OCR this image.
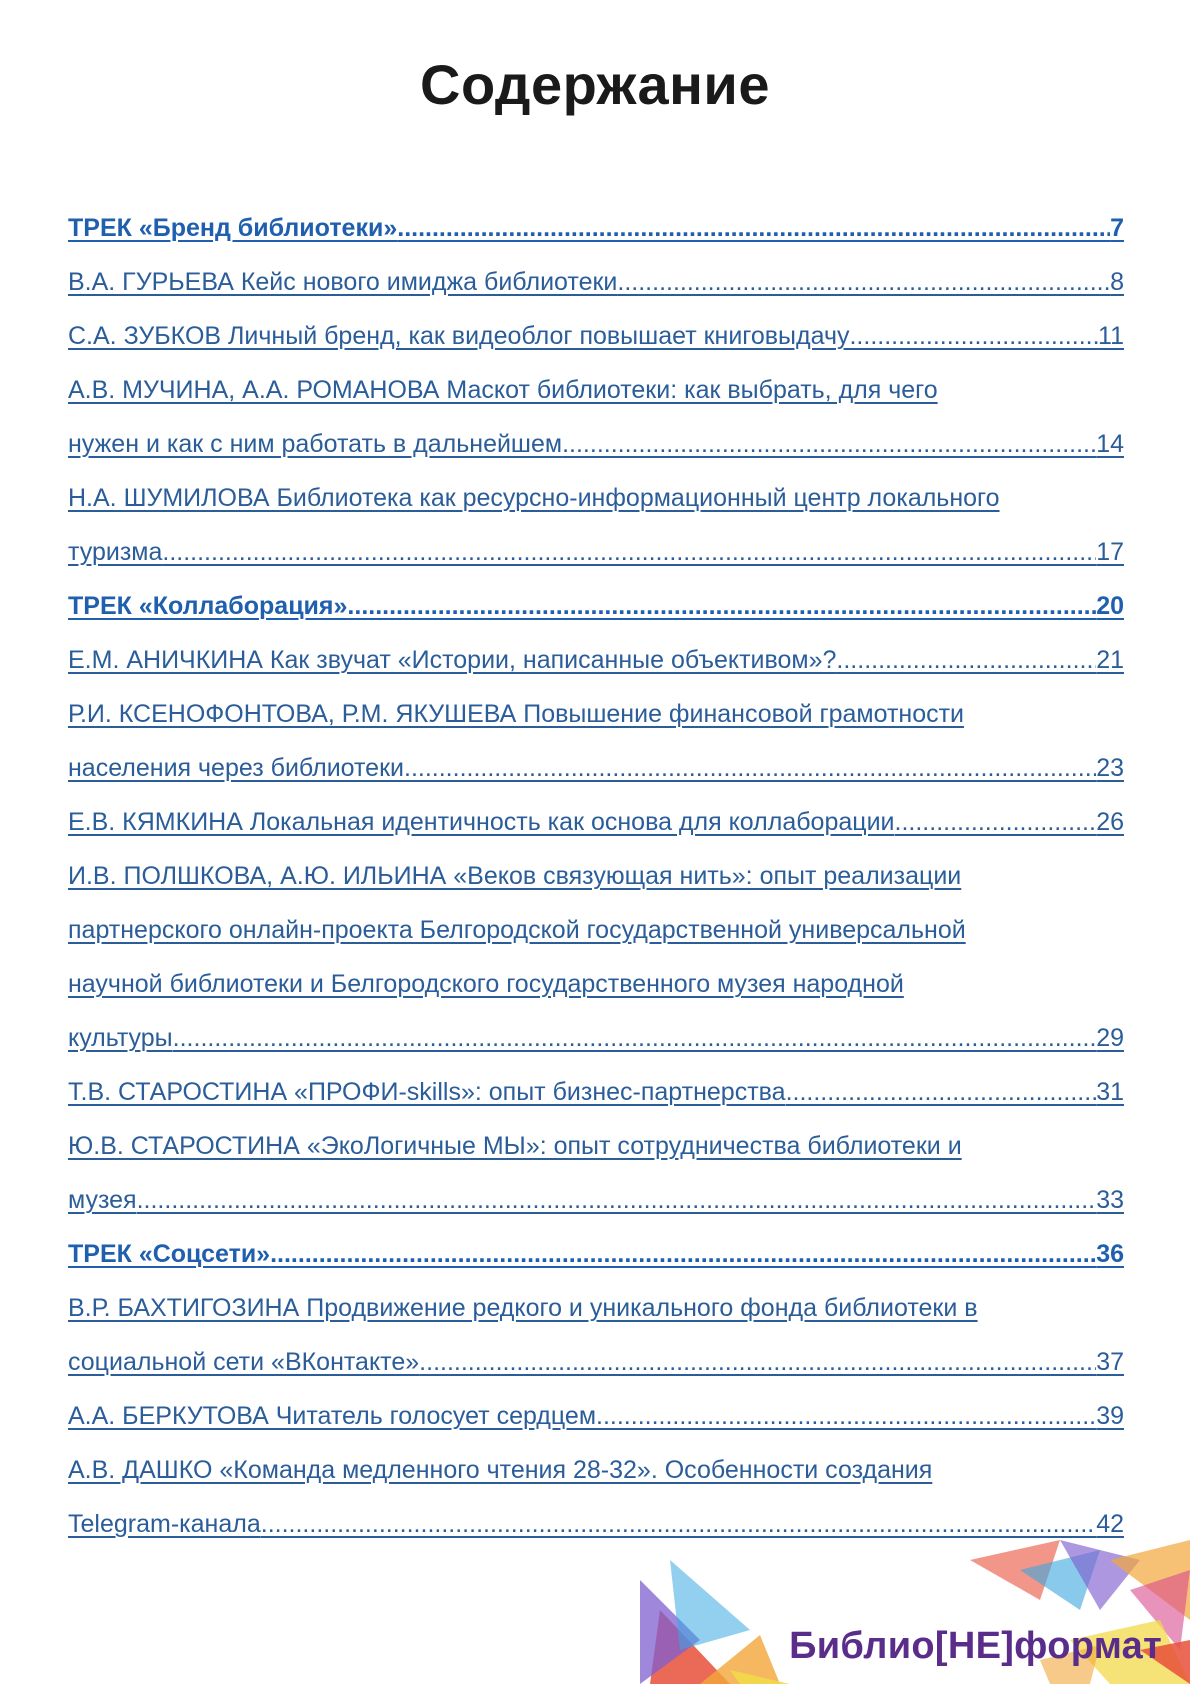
Содержание
ТРЕК «Бренд библиотеки» .....	7
В.А. ГУРЬЕВА Кейс нового имиджа библиотеки .....	8
С.А. ЗУБКОВ Личный бренд, как видеоблог повышает книговыдачу .....	11
А.В. МУЧИНА, А.А. РОМАНОВА Маскот библиотеки: как выбрать, для чего
нужен и как с ним работать в дальнейшем .....	14
Н.А. ШУМИЛОВА Библиотека как ресурсно-информационный центр локального
туризма .....	17
ТРЕК «Коллаборация» .....	20
Е.М. АНИЧКИНА Как звучат «Истории, написанные объективом»? .....	21
Р.И. КСЕНОФОНТОВА, Р.М. ЯКУШЕВА Повышение финансовой грамотности
населения через библиотеки .....	23
Е.В. КЯМКИНА Локальная идентичность как основа для коллаборации .....	26
И.В. ПОЛШКОВА, А.Ю. ИЛЬИНА «Веков связующая нить»: опыт реализации
партнерского онлайн-проекта Белгородской государственной универсальной
научной библиотеки и Белгородского государственного музея народной
культуры .....	29
Т.В. СТАРОСТИНА «ПРОФИ-skills»: опыт бизнес-партнерства .....	31
Ю.В. СТАРОСТИНА «ЭкоЛогичные МЫ»: опыт сотрудничества библиотеки и
музея .....	33
ТРЕК «Соцсети» .....	36
В.Р. БАХТИГОЗИНА Продвижение редкого и уникального фонда библиотеки в
социальной сети «ВКонтакте» .....	37
А.А. БЕРКУТОВА Читатель голосует сердцем .....	39
А.В. ДАШКО «Команда медленного чтения 28-32». Особенности создания
Telegram-канала .....	42
Библио[НЕ]формат
